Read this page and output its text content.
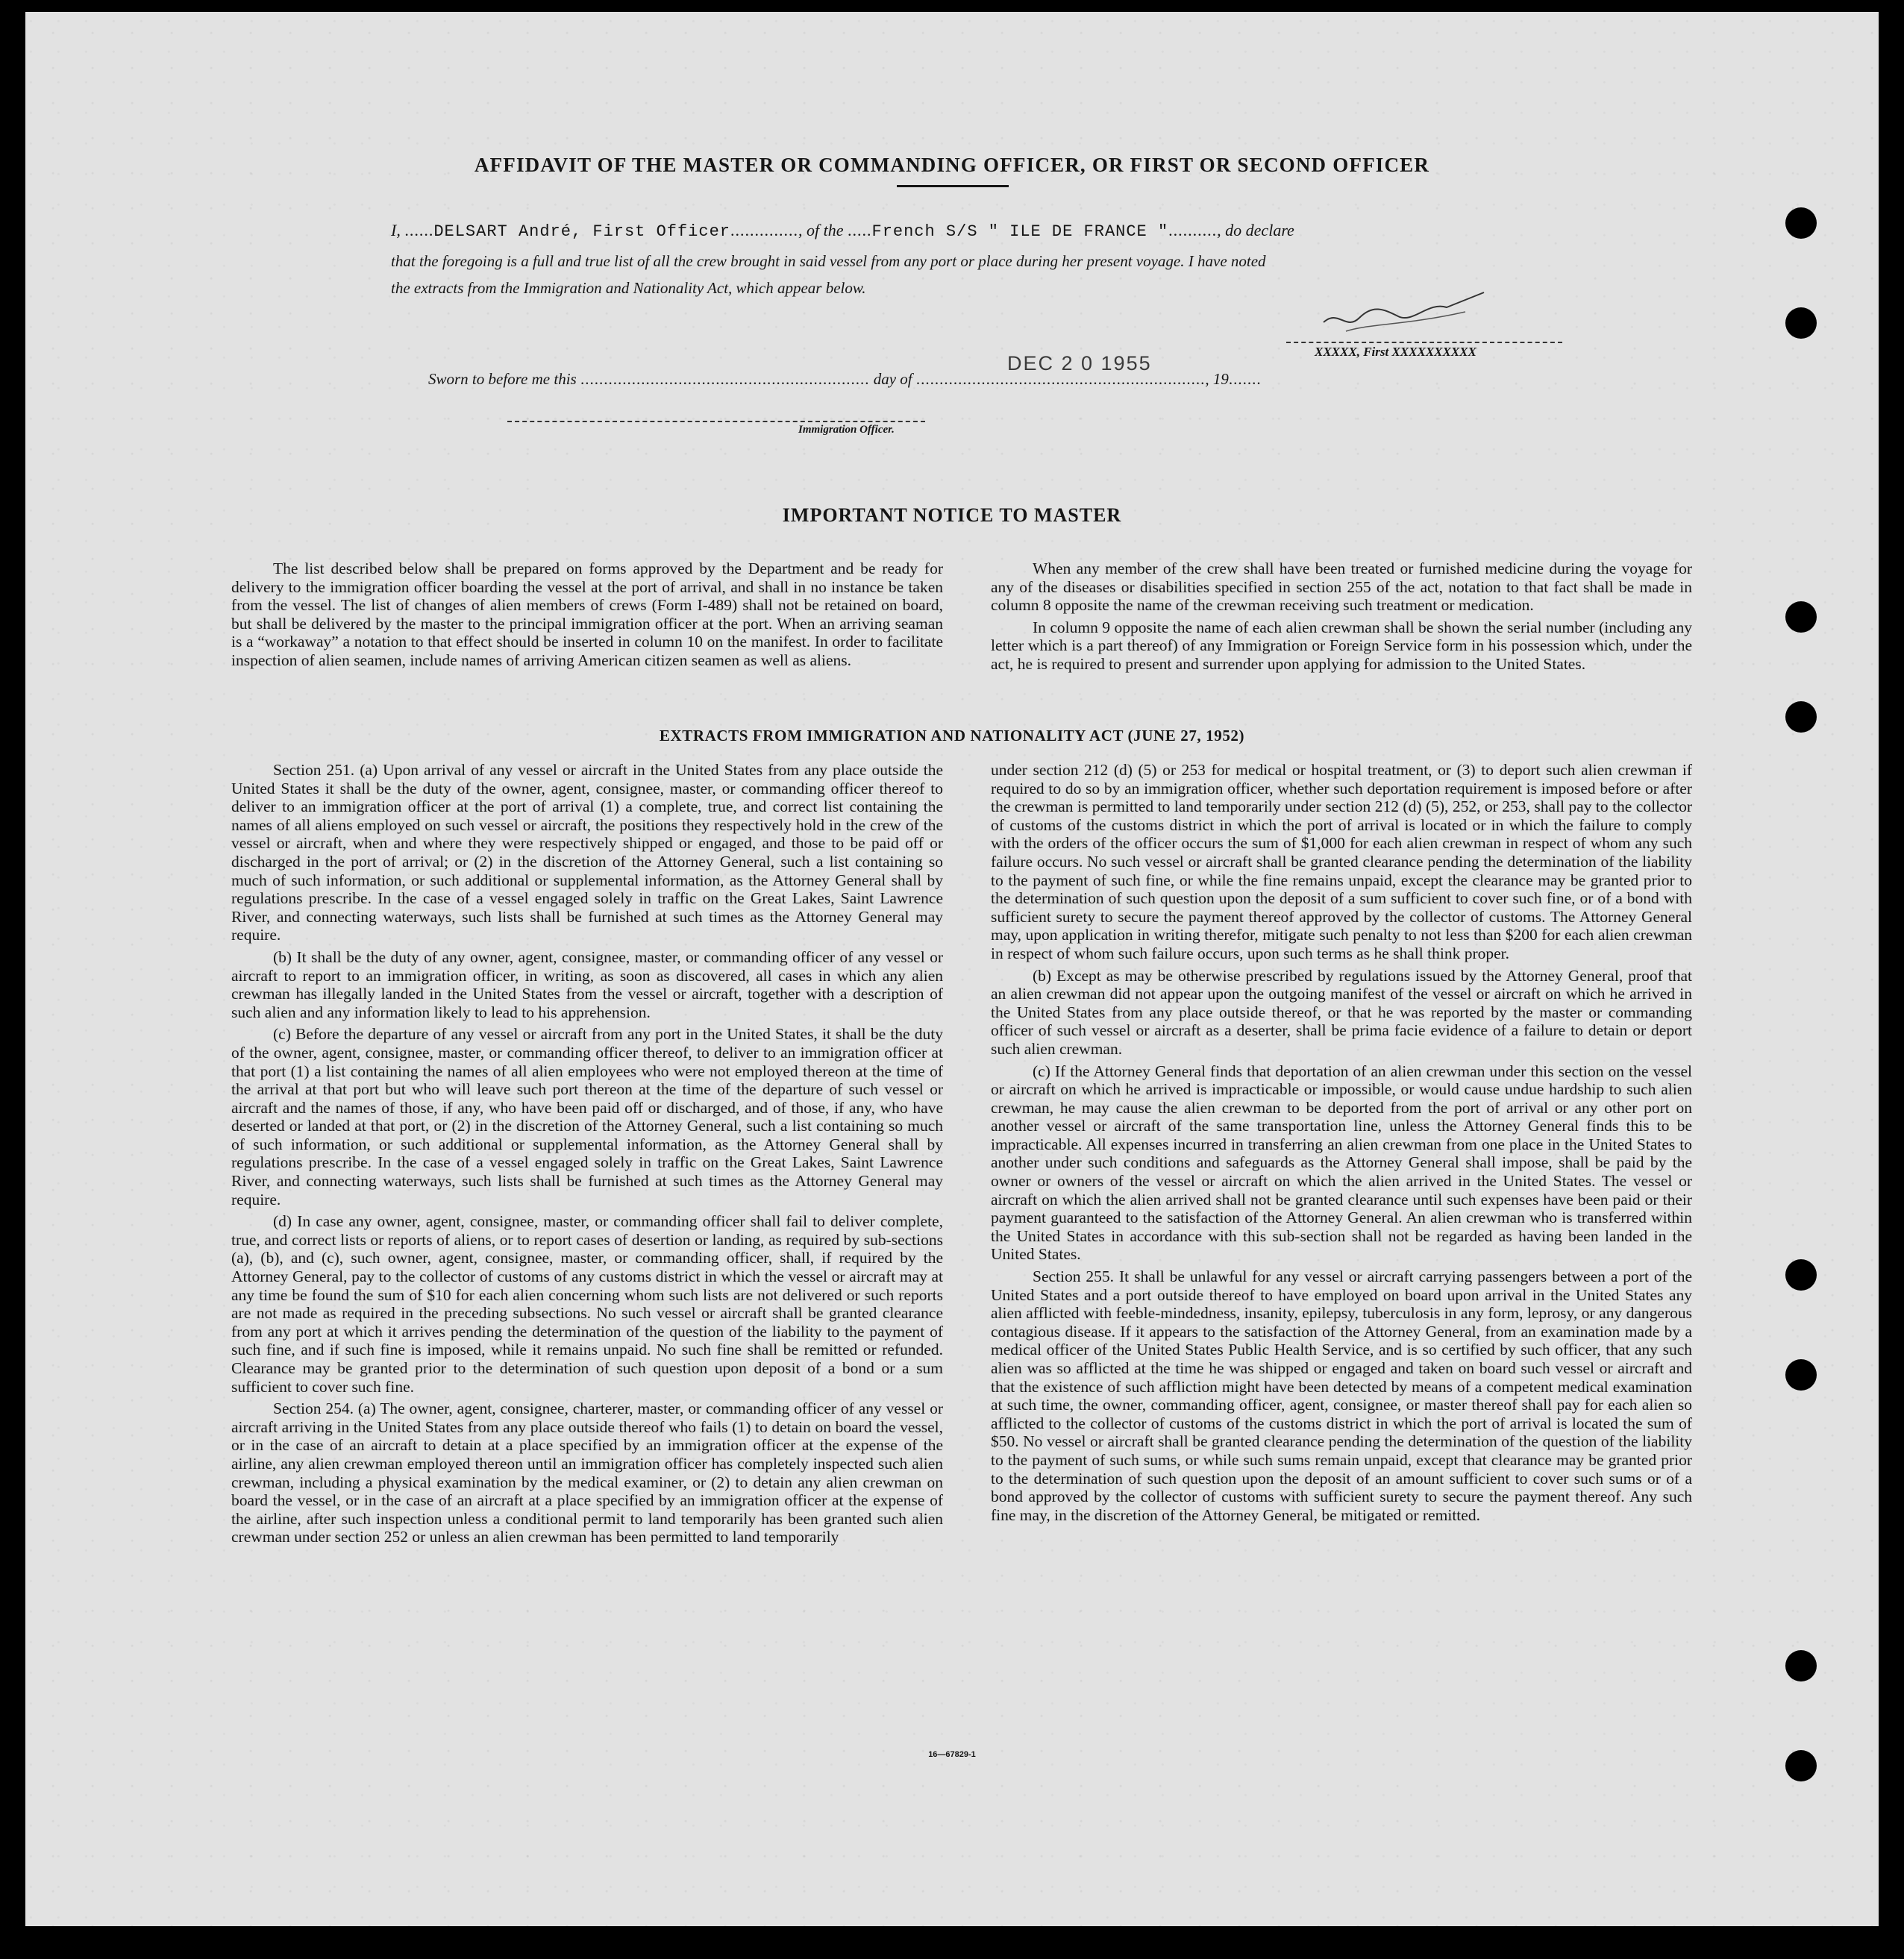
AFFIDAVIT OF THE MASTER OR COMMANDING OFFICER, OR FIRST OR SECOND OFFICER
I, ......DELSART André, First Officer.............., of the .....French S/S " ILE DE FRANCE ".........., do declare
that the foregoing is a full and true list of all the crew brought in said vessel from any port or place during her present voyage. I have noted
the extracts from the Immigration and Nationality Act, which appear below.
XXXXX, First XXXXXXXXXX
Sworn to before me this .............................................................. day of .............................................................., 19.......
DEC 2 0 1955
Immigration Officer.
IMPORTANT NOTICE TO MASTER

The list described below shall be prepared on forms approved by the Department and be ready for delivery to the immigration officer boarding the vessel at the port of arrival, and shall in no instance be taken from the vessel. The list of changes of alien members of crews (Form I-489) shall not be retained on board, but shall be delivered by the master to the principal immigration officer at the port. When an arriving seaman is a “workaway” a notation to that effect should be inserted in column 10 on the manifest. In order to facilitate inspection of alien seamen, include names of arriving American citizen seamen as well as aliens.

When any member of the crew shall have been treated or furnished medicine during the voyage for any of the diseases or disabilities specified in section 255 of the act, notation to that fact shall be made in column 8 opposite the name of the crewman receiving such treatment or medication.

In column 9 opposite the name of each alien crewman shall be shown the serial number (including any letter which is a part thereof) of any Immigration or Foreign Service form in his possession which, under the act, he is required to present and surrender upon applying for admission to the United States.

EXTRACTS FROM IMMIGRATION AND NATIONALITY ACT (JUNE 27, 1952)

Section 251. (a) Upon arrival of any vessel or aircraft in the United States from any place outside the United States it shall be the duty of the owner, agent, consignee, master, or commanding officer thereof to deliver to an immigration officer at the port of arrival (1) a complete, true, and correct list containing the names of all aliens employed on such vessel or aircraft, the positions they respectively hold in the crew of the vessel or aircraft, when and where they were respectively shipped or engaged, and those to be paid off or discharged in the port of arrival; or (2) in the discretion of the Attorney General, such a list containing so much of such information, or such additional or supplemental information, as the Attorney General shall by regulations prescribe. In the case of a vessel engaged solely in traffic on the Great Lakes, Saint Lawrence River, and connecting waterways, such lists shall be furnished at such times as the Attorney General may require.

(b) It shall be the duty of any owner, agent, consignee, master, or commanding officer of any vessel or aircraft to report to an immigration officer, in writing, as soon as discovered, all cases in which any alien crewman has illegally landed in the United States from the vessel or aircraft, together with a description of such alien and any information likely to lead to his apprehension.

(c) Before the departure of any vessel or aircraft from any port in the United States, it shall be the duty of the owner, agent, consignee, master, or commanding officer thereof, to deliver to an immigration officer at that port (1) a list containing the names of all alien employees who were not employed thereon at the time of the arrival at that port but who will leave such port thereon at the time of the departure of such vessel or aircraft and the names of those, if any, who have been paid off or discharged, and of those, if any, who have deserted or landed at that port, or (2) in the discretion of the Attorney General, such a list containing so much of such information, or such additional or supplemental information, as the Attorney General shall by regulations prescribe. In the case of a vessel engaged solely in traffic on the Great Lakes, Saint Lawrence River, and connecting waterways, such lists shall be furnished at such times as the Attorney General may require.

(d) In case any owner, agent, consignee, master, or commanding officer shall fail to deliver complete, true, and correct lists or reports of aliens, or to report cases of desertion or landing, as required by sub-sections (a), (b), and (c), such owner, agent, consignee, master, or commanding officer, shall, if required by the Attorney General, pay to the collector of customs of any customs district in which the vessel or aircraft may at any time be found the sum of $10 for each alien concerning whom such lists are not delivered or such reports are not made as required in the preceding subsections. No such vessel or aircraft shall be granted clearance from any port at which it arrives pending the determination of the question of the liability to the payment of such fine, and if such fine is imposed, while it remains unpaid. No such fine shall be remitted or refunded. Clearance may be granted prior to the determination of such question upon deposit of a bond or a sum sufficient to cover such fine.

Section 254. (a) The owner, agent, consignee, charterer, master, or commanding officer of any vessel or aircraft arriving in the United States from any place outside thereof who fails (1) to detain on board the vessel, or in the case of an aircraft to detain at a place specified by an immigration officer at the expense of the airline, any alien crewman employed thereon until an immigration officer has completely inspected such alien crewman, including a physical examination by the medical examiner, or (2) to detain any alien crewman on board the vessel, or in the case of an aircraft at a place specified by an immigration officer at the expense of the airline, after such inspection unless a conditional permit to land temporarily has been granted such alien crewman under section 252 or unless an alien crewman has been permitted to land temporarily

under section 212 (d) (5) or 253 for medical or hospital treatment, or (3) to deport such alien crewman if required to do so by an immigration officer, whether such deportation requirement is imposed before or after the crewman is permitted to land temporarily under section 212 (d) (5), 252, or 253, shall pay to the collector of customs of the customs district in which the port of arrival is located or in which the failure to comply with the orders of the officer occurs the sum of $1,000 for each alien crewman in respect of whom any such failure occurs. No such vessel or aircraft shall be granted clearance pending the determination of the liability to the payment of such fine, or while the fine remains unpaid, except the clearance may be granted prior to the determination of such question upon the deposit of a sum sufficient to cover such fine, or of a bond with sufficient surety to secure the payment thereof approved by the collector of customs. The Attorney General may, upon application in writing therefor, mitigate such penalty to not less than $200 for each alien crewman in respect of whom such failure occurs, upon such terms as he shall think proper.

(b) Except as may be otherwise prescribed by regulations issued by the Attorney General, proof that an alien crewman did not appear upon the outgoing manifest of the vessel or aircraft on which he arrived in the United States from any place outside thereof, or that he was reported by the master or commanding officer of such vessel or aircraft as a deserter, shall be prima facie evidence of a failure to detain or deport such alien crewman.

(c) If the Attorney General finds that deportation of an alien crewman under this section on the vessel or aircraft on which he arrived is impracticable or impossible, or would cause undue hardship to such alien crewman, he may cause the alien crewman to be deported from the port of arrival or any other port on another vessel or aircraft of the same transportation line, unless the Attorney General finds this to be impracticable. All expenses incurred in transferring an alien crewman from one place in the United States to another under such conditions and safeguards as the Attorney General shall impose, shall be paid by the owner or owners of the vessel or aircraft on which the alien arrived in the United States. The vessel or aircraft on which the alien arrived shall not be granted clearance until such expenses have been paid or their payment guaranteed to the satisfaction of the Attorney General. An alien crewman who is transferred within the United States in accordance with this sub-section shall not be regarded as having been landed in the United States.

Section 255. It shall be unlawful for any vessel or aircraft carrying passengers between a port of the United States and a port outside thereof to have employed on board upon arrival in the United States any alien afflicted with feeble-mindedness, insanity, epilepsy, tuberculosis in any form, leprosy, or any dangerous contagious disease. If it appears to the satisfaction of the Attorney General, from an examination made by a medical officer of the United States Public Health Service, and is so certified by such officer, that any such alien was so afflicted at the time he was shipped or engaged and taken on board such vessel or aircraft and that the existence of such affliction might have been detected by means of a competent medical examination at such time, the owner, commanding officer, agent, consignee, or master thereof shall pay for each alien so afflicted to the collector of customs of the customs district in which the port of arrival is located the sum of $50. No vessel or aircraft shall be granted clearance pending the determination of the question of the liability to the payment of such sums, or while such sums remain unpaid, except that clearance may be granted prior to the determination of such question upon the deposit of an amount sufficient to cover such sums or of a bond approved by the collector of customs with sufficient surety to secure the payment thereof. Any such fine may, in the discretion of the Attorney General, be mitigated or remitted.

16—67829-1
